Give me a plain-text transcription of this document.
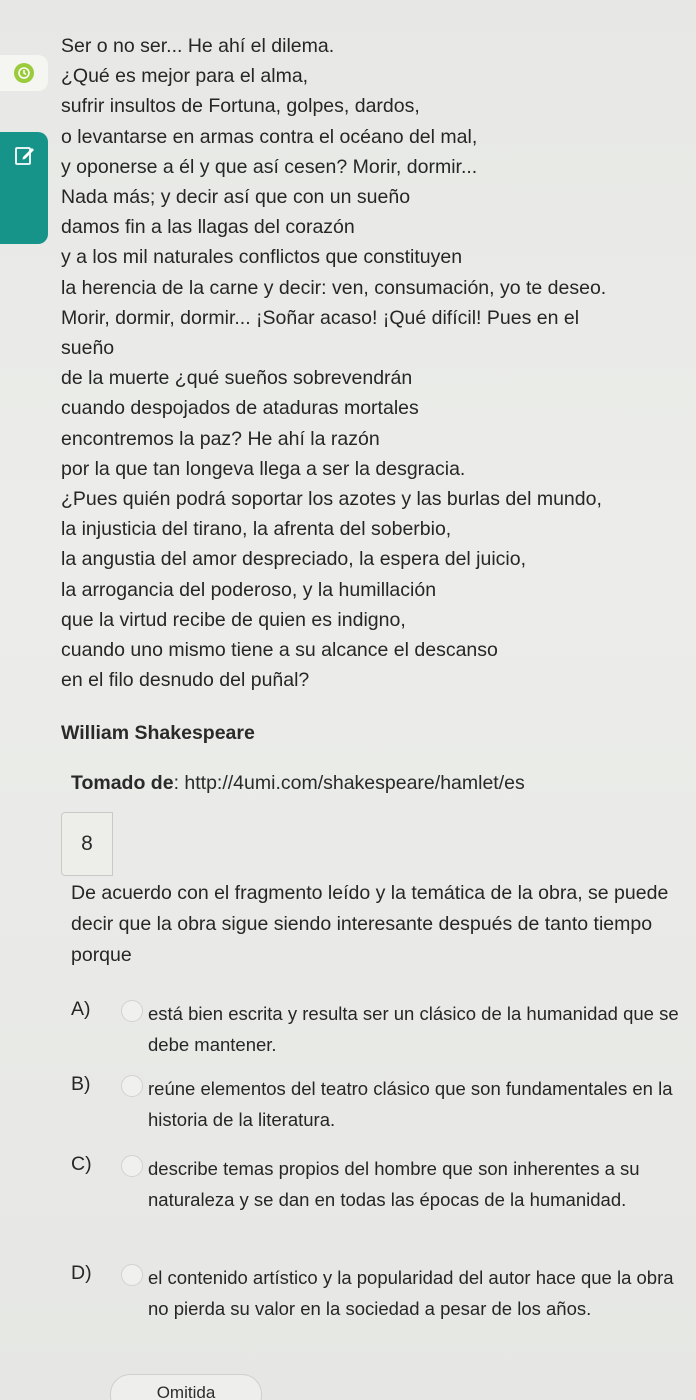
Ser o no ser... He ahí el dilema.

¿Qué es mejor para el alma,

sufrir insultos de Fortuna, golpes, dardos,

o levantarse en armas contra el océano del mal,

y oponerse a él y que así cesen? Morir, dormir...

Nada más; y decir así que con un sueño

damos fin a las llagas del corazón

y a los mil naturales conflictos que constituyen

la herencia de la carne y decir: ven, consumación, yo te deseo.

Morir, dormir, dormir... ¡Soñar acaso! ¡Qué difícil! Pues en el

sueño

de la muerte ¿qué sueños sobrevendrán

cuando despojados de ataduras mortales

encontremos la paz? He ahí la razón

por la que tan longeva llega a ser la desgracia.

¿Pues quién podrá soportar los azotes y las burlas del mundo,

la injusticia del tirano, la afrenta del soberbio,

la angustia del amor despreciado, la espera del juicio,

la arrogancia del poderoso, y la humillación

que la virtud recibe de quien es indigno,

cuando uno mismo tiene a su alcance el descanso

en el filo desnudo del puñal?

William Shakespeare
Tomado de: http://4umi.com/shakespeare/hamlet/es
8
De acuerdo con el fragmento leído y la temática de la obra, se puede decir que la obra sigue siendo interesante después de tanto tiempo porque
A)	está bien escrita y resulta ser un clásico de la humanidad que se debe mantener.
B)	reúne elementos del teatro clásico que son fundamentales en la historia de la literatura.
C)	describe temas propios del hombre que son inherentes a su naturaleza y se dan en todas las épocas de la humanidad.
D)	el contenido artístico y la popularidad del autor hace que la obra no pierda su valor en la sociedad a pesar de los años.
Omitida
